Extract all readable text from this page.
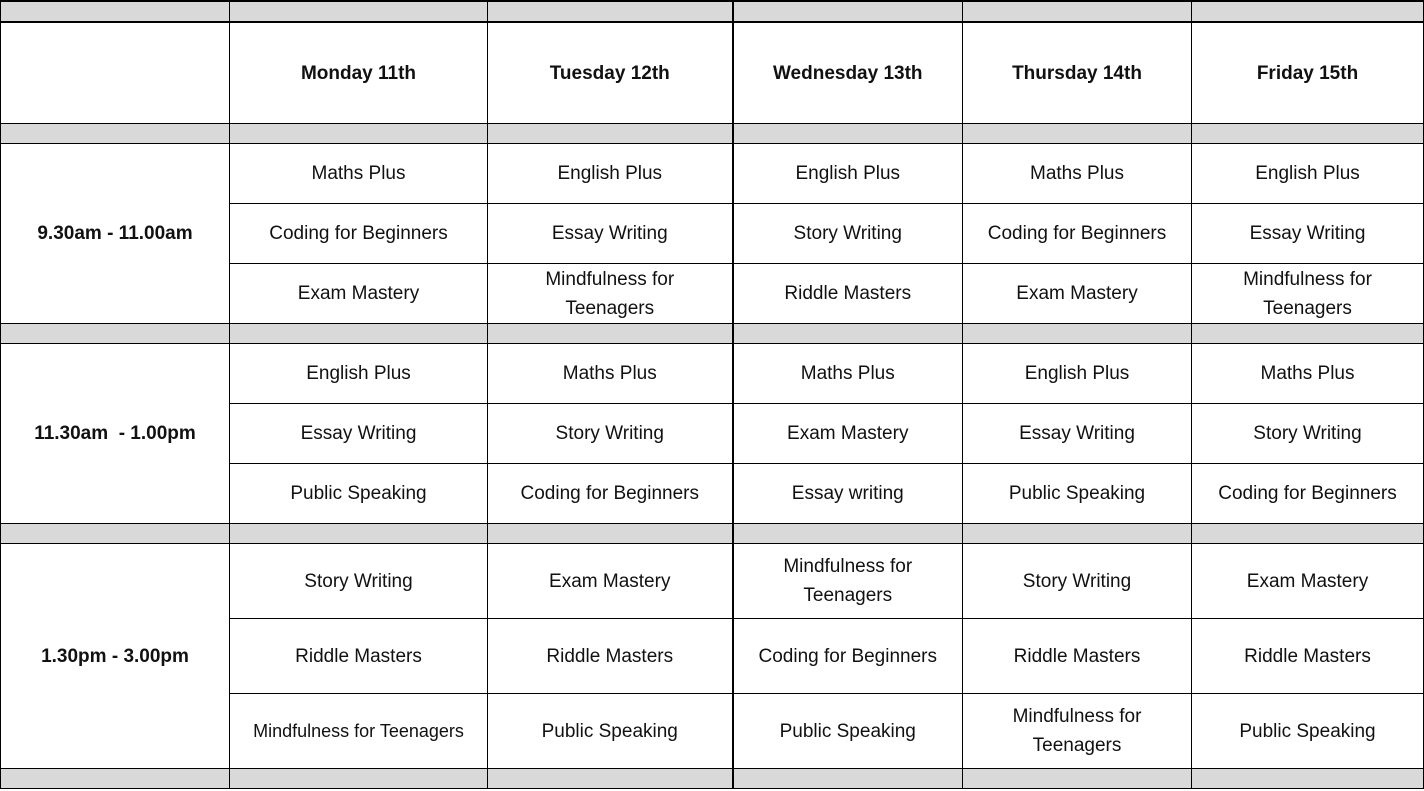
	Monday 11th	Tuesday 12th	Wednesday 13th	Thursday 14th	Friday 15th

9.30am - 11.00am	Maths Plus	English Plus	English Plus	Maths Plus	English Plus
	Coding for Beginners	Essay Writing	Story Writing	Coding for Beginners	Essay Writing
	Exam Mastery	Mindfulness for Teenagers	Riddle Masters	Exam Mastery	Mindfulness for Teenagers

11.30am  - 1.00pm	English Plus	Maths Plus	Maths Plus	English Plus	Maths Plus
	Essay Writing	Story Writing	Exam Mastery	Essay Writing	Story Writing
	Public Speaking	Coding for Beginners	Essay writing	Public Speaking	Coding for Beginners

1.30pm - 3.00pm	Story Writing	Exam Mastery	Mindfulness for Teenagers	Story Writing	Exam Mastery
	Riddle Masters	Riddle Masters	Coding for Beginners	Riddle Masters	Riddle Masters
	Mindfulness for Teenagers	Public Speaking	Public Speaking	Mindfulness for Teenagers	Public Speaking
